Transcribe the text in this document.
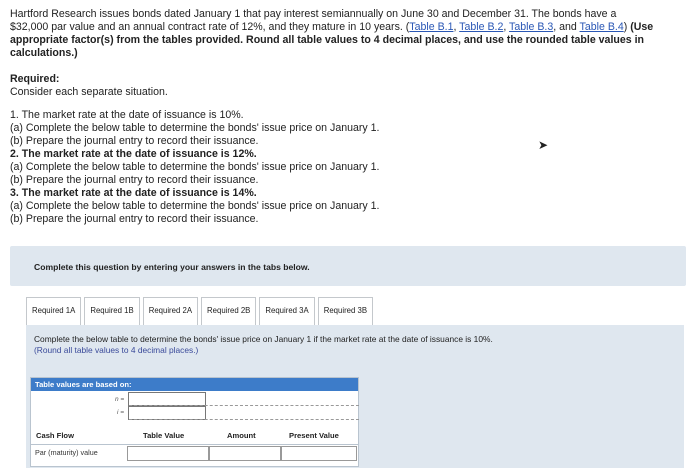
Hartford Research issues bonds dated January 1 that pay interest semiannually on June 30 and December 31. The bonds have a
$32,000 par value and an annual contract rate of 12%, and they mature in 10 years. (Table B.1, Table B.2, Table B.3, and Table B.4) (Use
appropriate factor(s) from the tables provided. Round all table values to 4 decimal places, and use the rounded table values in
calculations.)
Required:
Consider each separate situation.
1. The market rate at the date of issuance is 10%.
(a) Complete the below table to determine the bonds' issue price on January 1.
(b) Prepare the journal entry to record their issuance.
2. The market rate at the date of issuance is 12%.
(a) Complete the below table to determine the bonds' issue price on January 1.
(b) Prepare the journal entry to record their issuance.
3. The market rate at the date of issuance is 14%.
(a) Complete the below table to determine the bonds' issue price on January 1.
(b) Prepare the journal entry to record their issuance.
➤
Complete this question by entering your answers in the tabs below.
Required 1A	Required 1B	Required 2A	Required 2B	Required 3A	Required 3B
Complete the below table to determine the bonds' issue price on January 1 if the market rate at the date of issuance is 10%.
(Round all table values to 4 decimal places.)
Table values are based on:
n =
i =
Cash Flow	Table Value	Amount	Present Value
Par (maturity) value
